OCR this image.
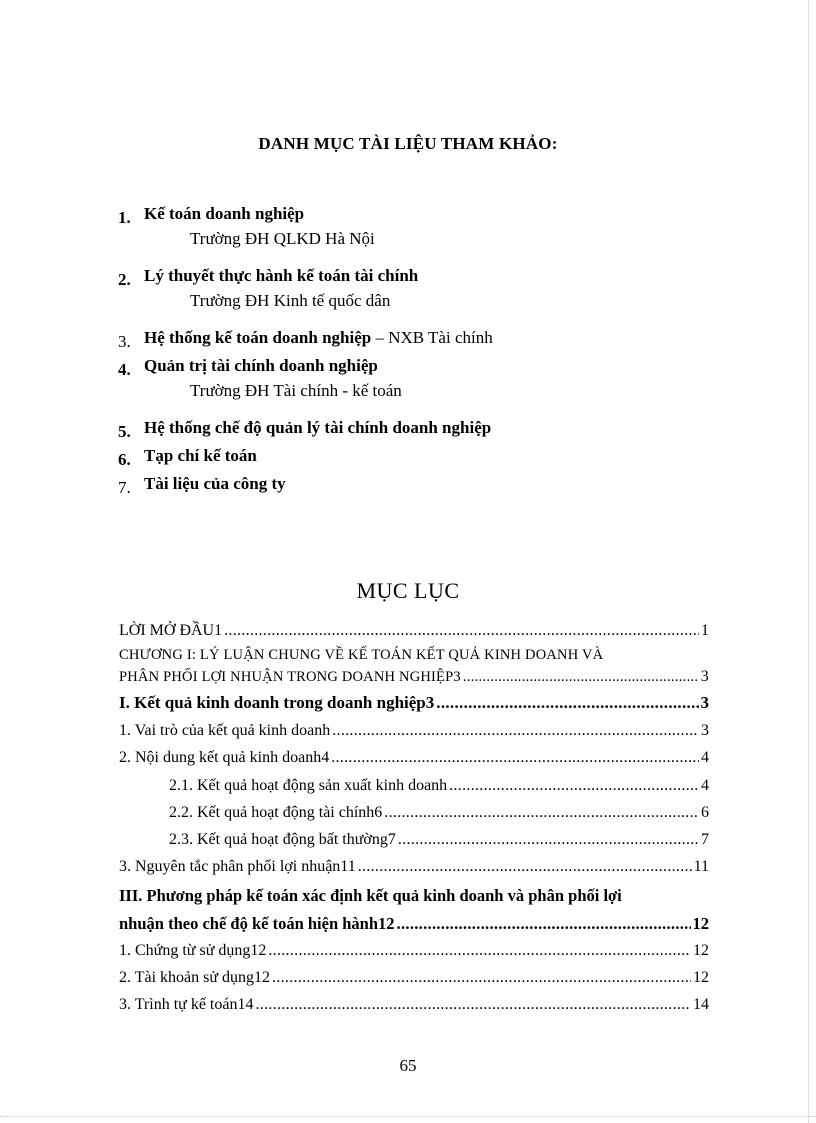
DANH MỤC TÀI LIỆU THAM KHẢO:
1. Kế toán doanh nghiệp
Trường ĐH QLKD Hà Nội
2. Lý thuyết thực hành kế toán tài chính
Trường ĐH Kinh tế quốc dân
3. Hệ thống kế toán doanh nghiệp – NXB Tài chính
4. Quản trị tài chính doanh nghiệp
Trường ĐH Tài chính - kế toán
5. Hệ thống chế độ quản lý tài chính doanh nghiệp
6. Tạp chí kế toán
7. Tài liệu của công ty
MỤC LỤC
LỜI MỞ ĐẦU1 .....	1
CHƯƠNG I: LÝ LUẬN CHUNG VỀ KẾ TOÁN KẾT QUẢ KINH DOANH VÀ
PHÂN PHỐI LỢI NHUẬN TRONG DOANH NGHIỆP3 .....	3
I. Kết quả kinh doanh trong doanh nghiệp3 .....	3
1. Vai trò của kết quả kinh doanh .....	3
2. Nội dung kết quả kinh doanh4 .....	4
2.1. Kết quả hoạt động sản xuất kinh doanh .....	4
2.2. Kết quả hoạt động tài chính6 .....	6
2.3. Kết quả hoạt động bất thường7 .....	7
3. Nguyên tắc phân phối lợi nhuận11 .....	11
III. Phương pháp kế toán xác định kết quả kinh doanh và phân phối lợi
nhuận theo chế độ kế toán hiện hành12 .....	12
1. Chứng từ sử dụng12 .....	12
2. Tài khoản sử dụng12 .....	12
3. Trình tự kế toán14 .....	14
65
